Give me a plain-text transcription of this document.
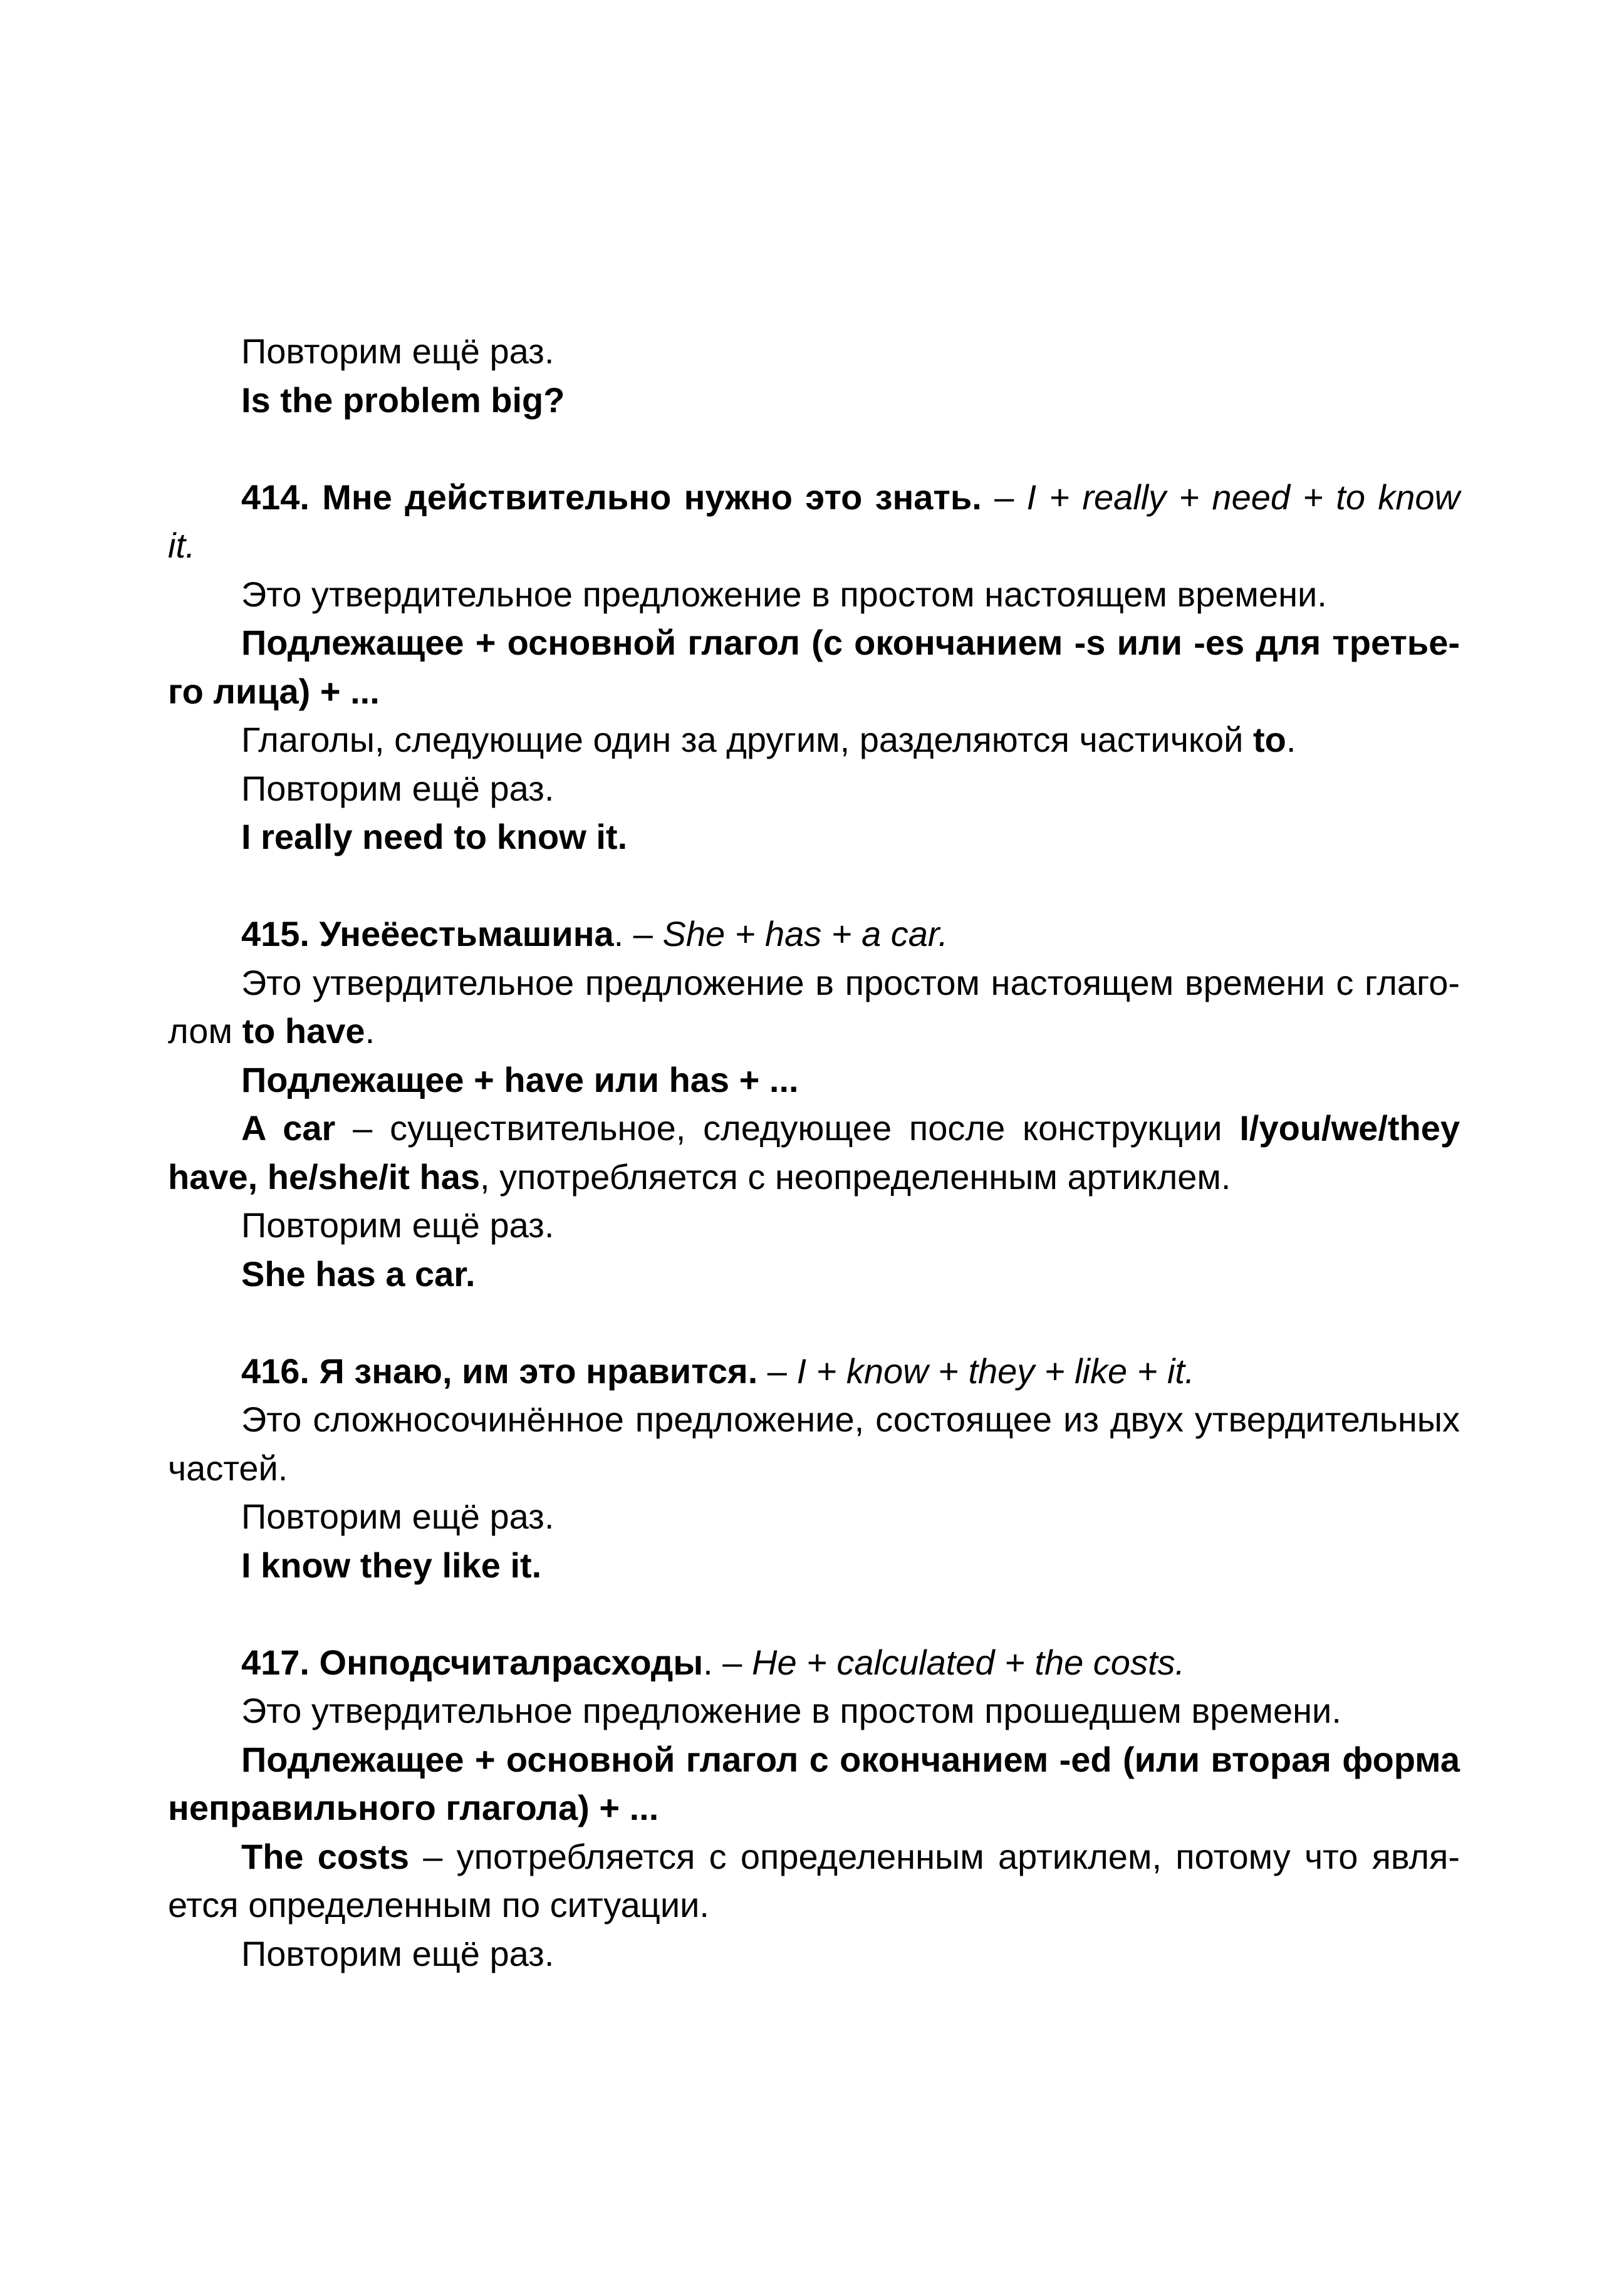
Повторим ещё раз.
Is the problem big?
414. Мне действительно нужно это знать. – I + really + need + to know
it.
Это утвердительное предложение в простом настоящем времени.
Подлежащее + основной глагол (с окончанием -s или -es для третье-
го лица) + ...
Глаголы, следующие один за другим, разделяются частичкой to.
Повторим ещё раз.
I really need to know it.
415. Унеёестьмашина. – She + has + a car.
Это утвердительное предложение в простом настоящем времени с глаго-
лом to have.
Подлежащее + have или has + ...
A car – существительное, следующее после конструкции I/you/we/they
have, he/she/it has, употребляется с неопределенным артиклем.
Повторим ещё раз.
She has a car.
416. Я знаю, им это нравится. – I + know + they + like + it.
Это сложносочинённое предложение, состоящее из двух утвердительных
частей.
Повторим ещё раз.
I know they like it.
417. Онподсчиталрасходы. – He + calculated + the costs.
Это утвердительное предложение в простом прошедшем времени.
Подлежащее + основной глагол с окончанием -ed (или вторая форма
неправильного глагола) + ...
The costs – употребляется с определенным артиклем, потому что явля-
ется определенным по ситуации.
Повторим ещё раз.
